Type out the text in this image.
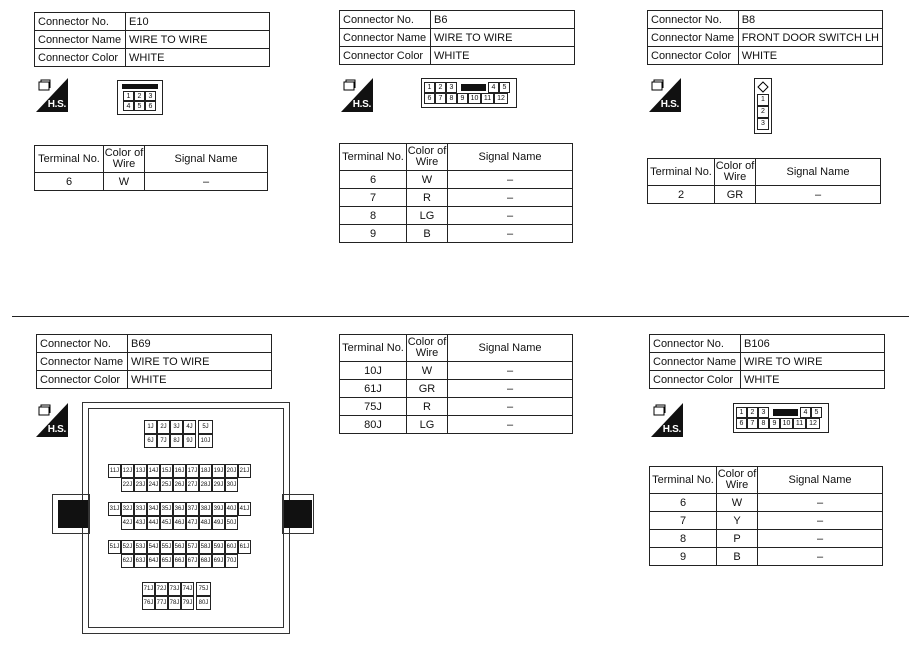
Connector No.	E10
Connector Name	WIRE TO WIRE
Connector Color	WHITE
H.S.
1	2	3
4	5	6
Terminal No.	Color of Wire	Signal Name
6	W	–
Connector No.	B6
Connector Name	WIRE TO WIRE
Connector Color	WHITE
H.S.
1	2	3	4	5
6	7	8	9 10 11 12
Terminal No.	Color of Wire	Signal Name
6	W	–
7	R	–
8	LG	–
9	B	–
Connector No.	B8
Connector Name	FRONT DOOR SWITCH LH
Connector Color	WHITE
H.S.	1
2
3
Terminal No.	Color of Wire	Signal Name
2	GR	–
Connector No.	B69
Connector Name	WIRE TO WIRE
Connector Color	WHITE
H.S.	1J	2J	3J	4J	5J
6J	7J	8J	9J	10J
11J 12J 13J 14J 15J 16J 17J 18J 19J 20J 21J
22J 23J 24J 25J 26J 27J 28J 29J 30J
31J 32J 33J 34J 35J 36J 37J 38J 39J 40J 41J
42J 43J 44J 45J 46J 47J 48J 49J 50J
51J 52J 53J 54J 55J 56J 57J 58J 59J 60J 61J
62J 63J 64J 65J 66J 67J 68J 69J 70J
71J 72J 73J 74J	75J
76J 77J 78J 79J	80J
Terminal No.	Color of Wire	Signal Name
10J	W	–
61J	GR	–
75J	R	–
80J	LG	–
Connector No.	B106
Connector Name	WIRE TO WIRE
Connector Color	WHITE
H.S.
1	2	3	4	5
6	7	8	9 10 11 12
Terminal No.	Color of Wire	Signal Name
6	W	–
7	Y	–
8	P	–
9	B	–
